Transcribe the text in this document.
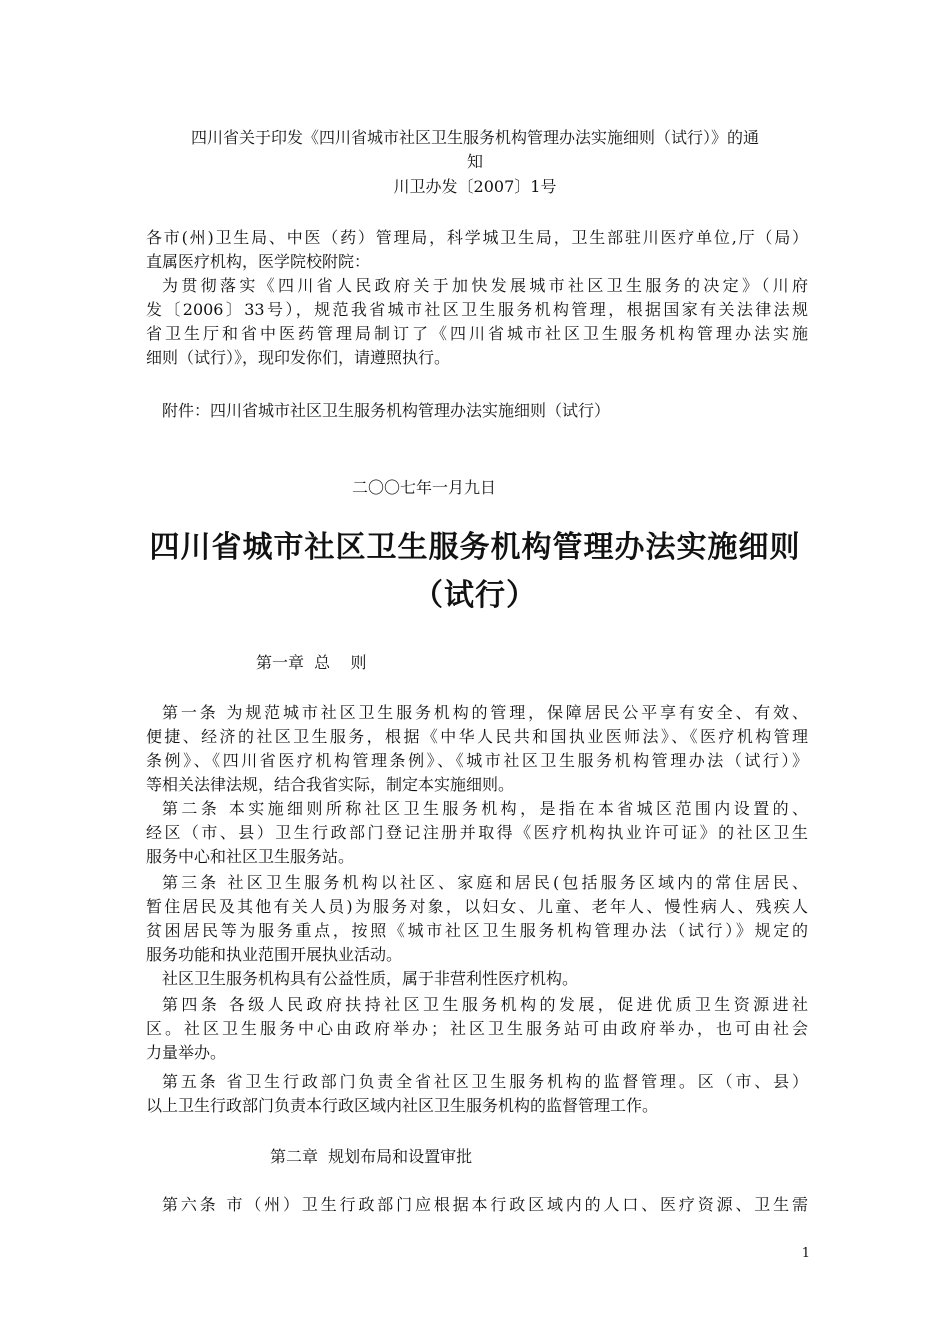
四川省关于印发《四川省城市社区卫生服务机构管理办法实施细则（试行）》的通
知
川卫办发〔2007〕1号
各市(州)卫生局、中医（药）管理局，科学城卫生局，卫生部驻川医疗单位,厅（局）
直属医疗机构，医学院校附院：
为贯彻落实《四川省人民政府关于加快发展城市社区卫生服务的决定》（川府
发〔2006〕33号），规范我省城市社区卫生服务机构管理，根据国家有关法律法规
省卫生厅和省中医药管理局制订了《四川省城市社区卫生服务机构管理办法实施
细则（试行）》，现印发你们，请遵照执行。
附件：四川省城市社区卫生服务机构管理办法实施细则（试行）
二〇〇七年一月九日
四川省城市社区卫生服务机构管理办法实施细则
（试行）
第一章  总    则
第一条 为规范城市社区卫生服务机构的管理，保障居民公平享有安全、有效、
便捷、经济的社区卫生服务，根据《中华人民共和国执业医师法》、《医疗机构管理
条例》、《四川省医疗机构管理条例》、《城市社区卫生服务机构管理办法（试行）》
等相关法律法规，结合我省实际，制定本实施细则。
第二条 本实施细则所称社区卫生服务机构，是指在本省城区范围内设置的、
经区（市、县）卫生行政部门登记注册并取得《医疗机构执业许可证》的社区卫生
服务中心和社区卫生服务站。
第三条 社区卫生服务机构以社区、家庭和居民(包括服务区域内的常住居民、
暂住居民及其他有关人员)为服务对象，以妇女、儿童、老年人、慢性病人、残疾人
贫困居民等为服务重点，按照《城市社区卫生服务机构管理办法（试行）》规定的
服务功能和执业范围开展执业活动。
社区卫生服务机构具有公益性质，属于非营利性医疗机构。
第四条 各级人民政府扶持社区卫生服务机构的发展，促进优质卫生资源进社
区。社区卫生服务中心由政府举办；社区卫生服务站可由政府举办，也可由社会
力量举办。
第五条 省卫生行政部门负责全省社区卫生服务机构的监督管理。区（市、县）
以上卫生行政部门负责本行政区域内社区卫生服务机构的监督管理工作。
第二章  规划布局和设置审批
第六条 市（州）卫生行政部门应根据本行政区域内的人口、医疗资源、卫生需
1
